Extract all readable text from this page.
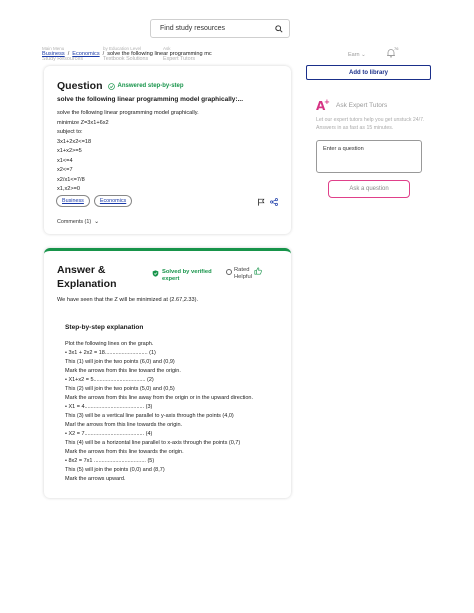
Find study resources
Main Menu
Study Resources
by Education Level
Textbook Solutions
Ask
Expert Tutors
Business / Economics / solve the following linear programming mc	Earn ⌄
76
Add to library
Question	Answered step-by-step
solve the following linear programming model graphically:...
solve the following linear programming model graphically.
minimize Z=3x1+6x2
subject to:
3x1+2x2<=18
x1+x2>=5
x1<=4
x2<=7
x2/x1<=7/8
x1,x2>=0
Business	Economics
Comments (1) ⌄
Answer &
Explanation
Solved by verified
expert
Rated
Helpful
We have seen that the Z will be minimized at (2.67,2.33).
Step-by-step explanation
Plot the following lines on the graph.
• 3x1 + 2x2 = 18............................ (1)
This (1) will join the two points (6,0) and (0,9)
Mark the arrows from this line toward the origin.
• X1+x2 = 5.................................. (2)
This (2) will join the two points (5,0) and (0,5)
Mark the arrows from this line away from the origin or in the upward direction.
• X1 = 4....................................... (3)
This (3) will be a vertical line parallel to y-axis through the points (4,0)
Marl the arrows from this line towards the origin.
• X2 = 7....................................... (4)
This (4) will be a horizontal line parallel to x-axis through the points (0,7)
Mark the arrows from this line towards the origin.
• 8x2 = 7x1 .................................. (5)
This (5) will join the points (0,0) and (8,7)
Mark the arrows upward.
A
+ Ask Expert Tutors
Let our expert tutors help you get unstuck 24/7. Answers in as fast as 15 minutes.
Enter a question
Ask a question
